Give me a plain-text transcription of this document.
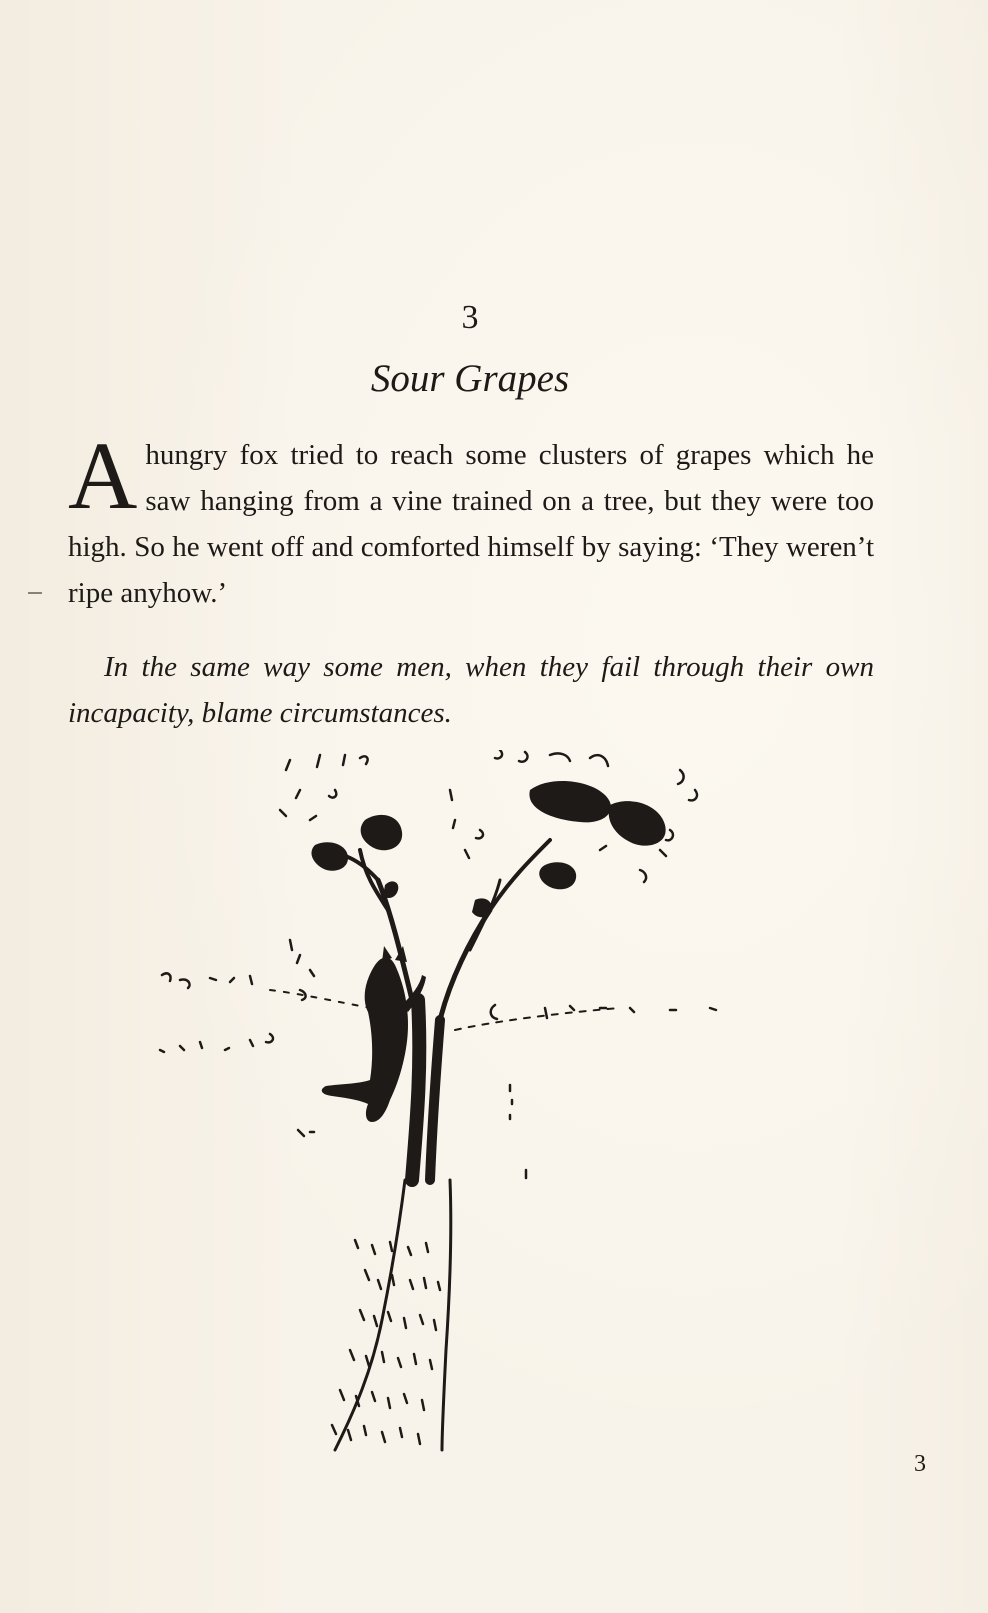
3
Sour Grapes
A hungry fox tried to reach some clusters of grapes which he saw hanging from a vine trained on a tree, but they were too high. So he went off and comforted himself by saying: ‘They weren’t ripe anyhow.’
In the same way some men, when they fail through their own incapacity, blame circumstances.
3
